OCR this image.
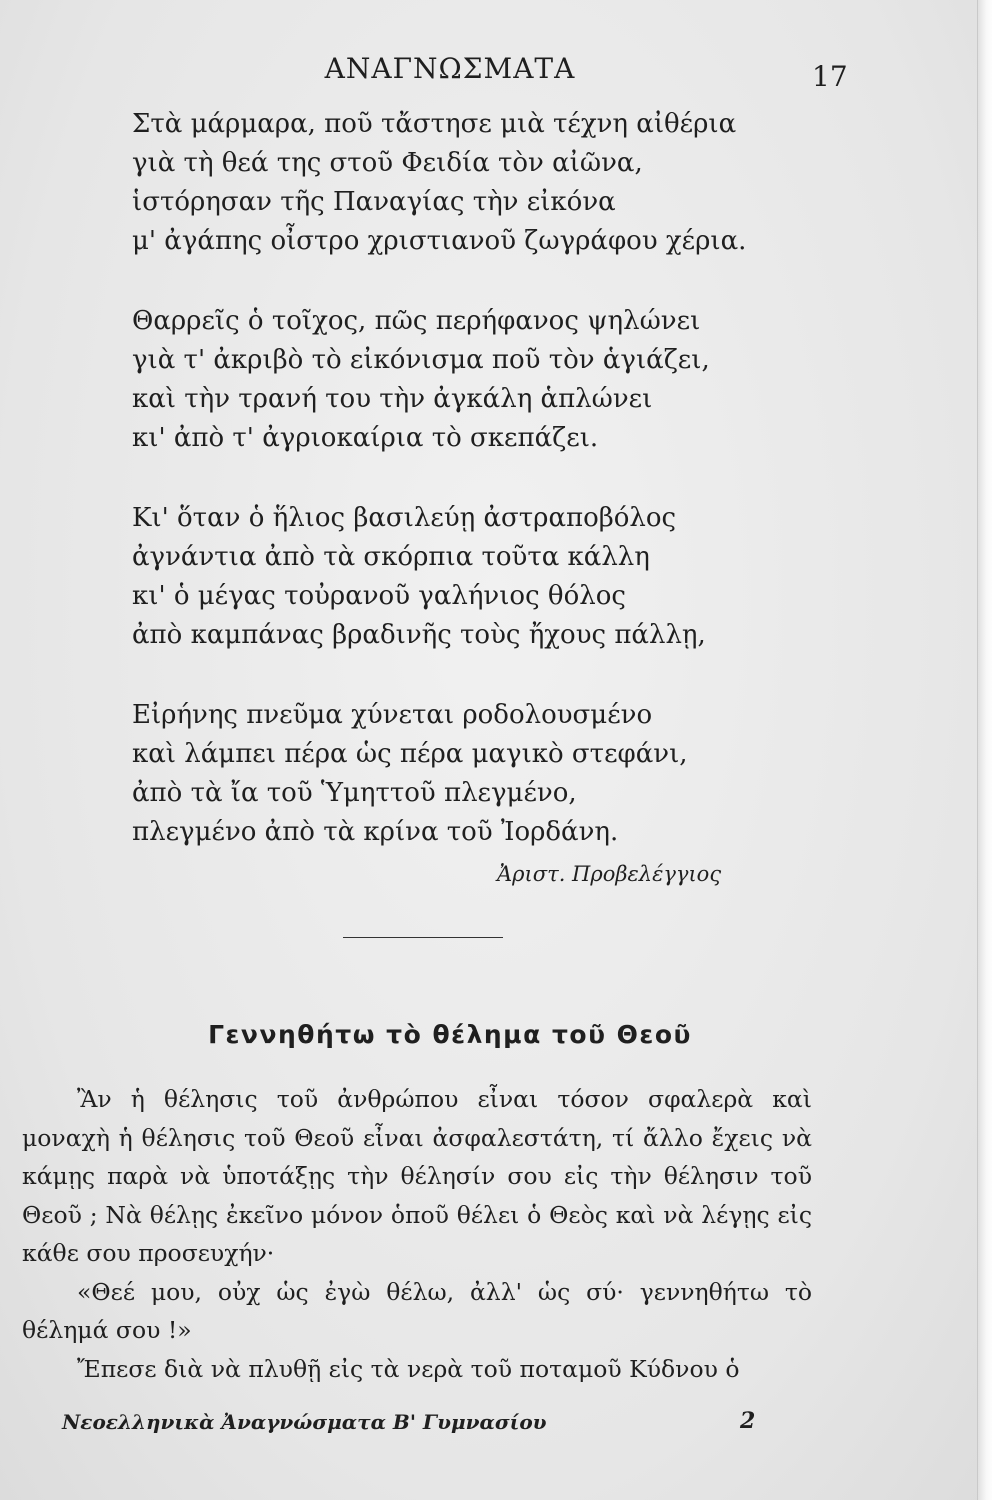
ΑΝΑΓΝΩΣΜΑΤΑ	17
Στὰ μάρμαρα, ποῦ τἄστησε μιὰ τέχνη αἰθέρια
γιὰ τὴ θεά της στοῦ Φειδία τὸν αἰῶνα,
ἱστόρησαν τῆς Παναγίας τὴν εἰκόνα
μ' ἀγάπης οἶστρο χριστιανοῦ ζωγράφου χέρια.
Θαρρεῖς ὁ τοῖχος, πῶς περήφανος ψηλώνει
γιὰ τ' ἀκριβὸ τὸ εἰκόνισμα ποῦ τὸν ἁγιάζει,
καὶ τὴν τρανή του τὴν ἀγκάλη ἁπλώνει
κι' ἀπὸ τ' ἀγριοκαίρια τὸ σκεπάζει.
Κι' ὅταν ὁ ἥλιος βασιλεύῃ ἀστραποβόλος
ἀγνάντια ἀπὸ τὰ σκόρπια τοῦτα κάλλη
κι' ὁ μέγας τοὐρανοῦ γαλήνιος θόλος
ἀπὸ καμπάνας βραδινῆς τοὺς ἤχους πάλλῃ,
Εἰρήνης πνεῦμα χύνεται ροδολουσμένο
καὶ λάμπει πέρα ὡς πέρα μαγικὸ στεφάνι,
ἀπὸ τὰ ἴα τοῦ Ὑμηττοῦ πλεγμένο,
πλεγμένο ἀπὸ τὰ κρίνα τοῦ Ἰορδάνη.
Ἀριστ. Προβελέγγιος
Γεννηθήτω τὸ θέλημα τοῦ Θεοῦ

Ἂν ἡ θέλησις τοῦ ἀνθρώπου εἶναι τόσον σφαλερὰ καὶ μοναχὴ ἡ θέλησις τοῦ Θεοῦ εἶναι ἀσφαλεστάτη, τί ἄλλο ἔχεις νὰ κάμῃς παρὰ νὰ ὑποτάξῃς τὴν θέλησίν σου εἰς τὴν θέλησιν τοῦ Θεοῦ ; Νὰ θέλῃς ἐκεῖνο μόνον ὁποῦ θέλει ὁ Θεὸς καὶ νὰ λέγῃς εἰς κάθε σου προσευχήν·

«Θεέ μου, οὐχ ὡς ἐγὼ θέλω, ἀλλ' ὡς σύ· γεννηθήτω τὸ θέλημά σου !»

Ἔπεσε διὰ νὰ πλυθῇ εἰς τὰ νερὰ τοῦ ποταμοῦ Κύδνου ὁ

Νεοελληνικὰ Ἀναγνώσματα Β' Γυμνασίου	2
